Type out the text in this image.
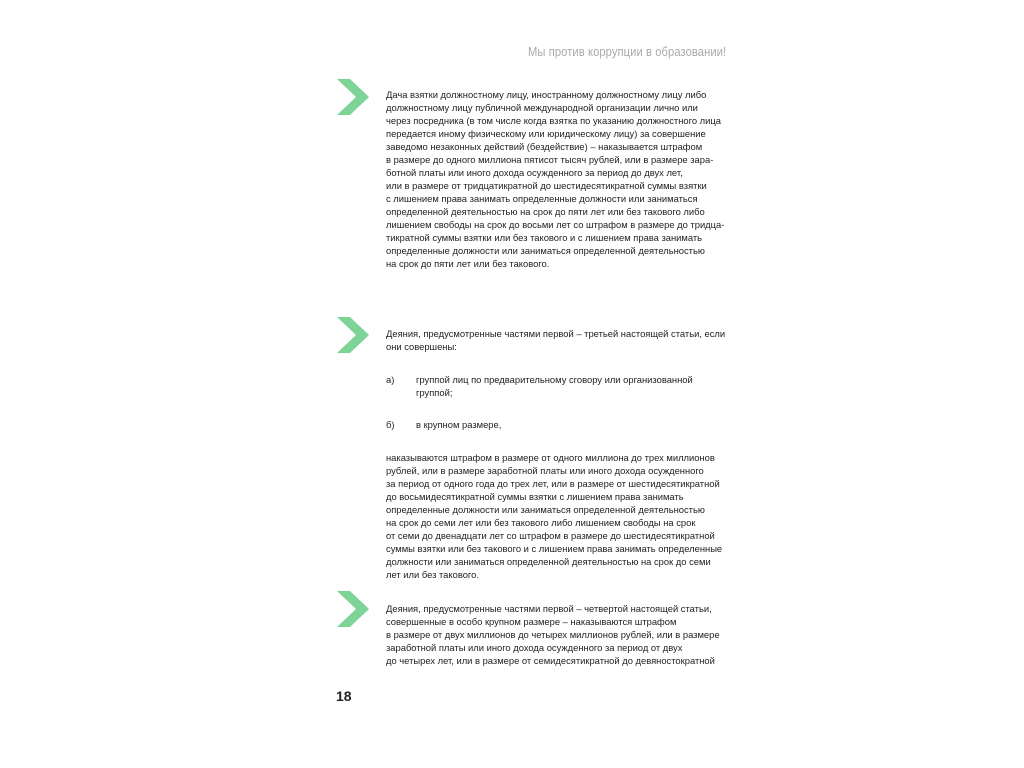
Мы против коррупции в образовании!
Дача взятки должностному лицу, иностранному должностному лицу либо
должностному лицу публичной международной организации лично или
через посредника (в том числе когда взятка по указанию должностного лица
передается иному физическому или юридическому лицу) за совершение
заведомо незаконных действий (бездействие) – наказывается штрафом
в размере до одного миллиона пятисот тысяч рублей, или в размере зара-
ботной платы или иного дохода осужденного за период до двух лет,
или в размере от тридцатикратной до шестидесятикратной суммы взятки
с лишением права занимать определенные должности или заниматься
определенной деятельностью на срок до пяти лет или без такового либо
лишением свободы на срок до восьми лет со штрафом в размере до тридца-
тикратной суммы взятки или без такового и с лишением права занимать
определенные должности или заниматься определенной деятельностью
на срок до пяти лет или без такового.
Деяния, предусмотренные частями первой – третьей настоящей статьи, если
они совершены:
а) группой лиц по предварительному сговору или организованной
группой;
б) в крупном размере,
наказываются штрафом в размере от одного миллиона до трех миллионов
рублей, или в размере заработной платы или иного дохода осужденного
за период от одного года до трех лет, или в размере от шестидесятикратной
до восьмидесятикратной суммы взятки с лишением права занимать
определенные должности или заниматься определенной деятельностью
на срок до семи лет или без такового либо лишением свободы на срок
от семи до двенадцати лет со штрафом в размере до шестидесятикратной
суммы взятки или без такового и с лишением права занимать определенные
должности или заниматься определенной деятельностью на срок до семи
лет или без такового.
Деяния, предусмотренные частями первой – четвертой настоящей статьи,
совершенные в особо крупном размере – наказываются штрафом
в размере от двух миллионов до четырех миллионов рублей, или в размере
заработной платы или иного дохода осужденного за период от двух
до четырех лет, или в размере от семидесятикратной до девяностократной
18
